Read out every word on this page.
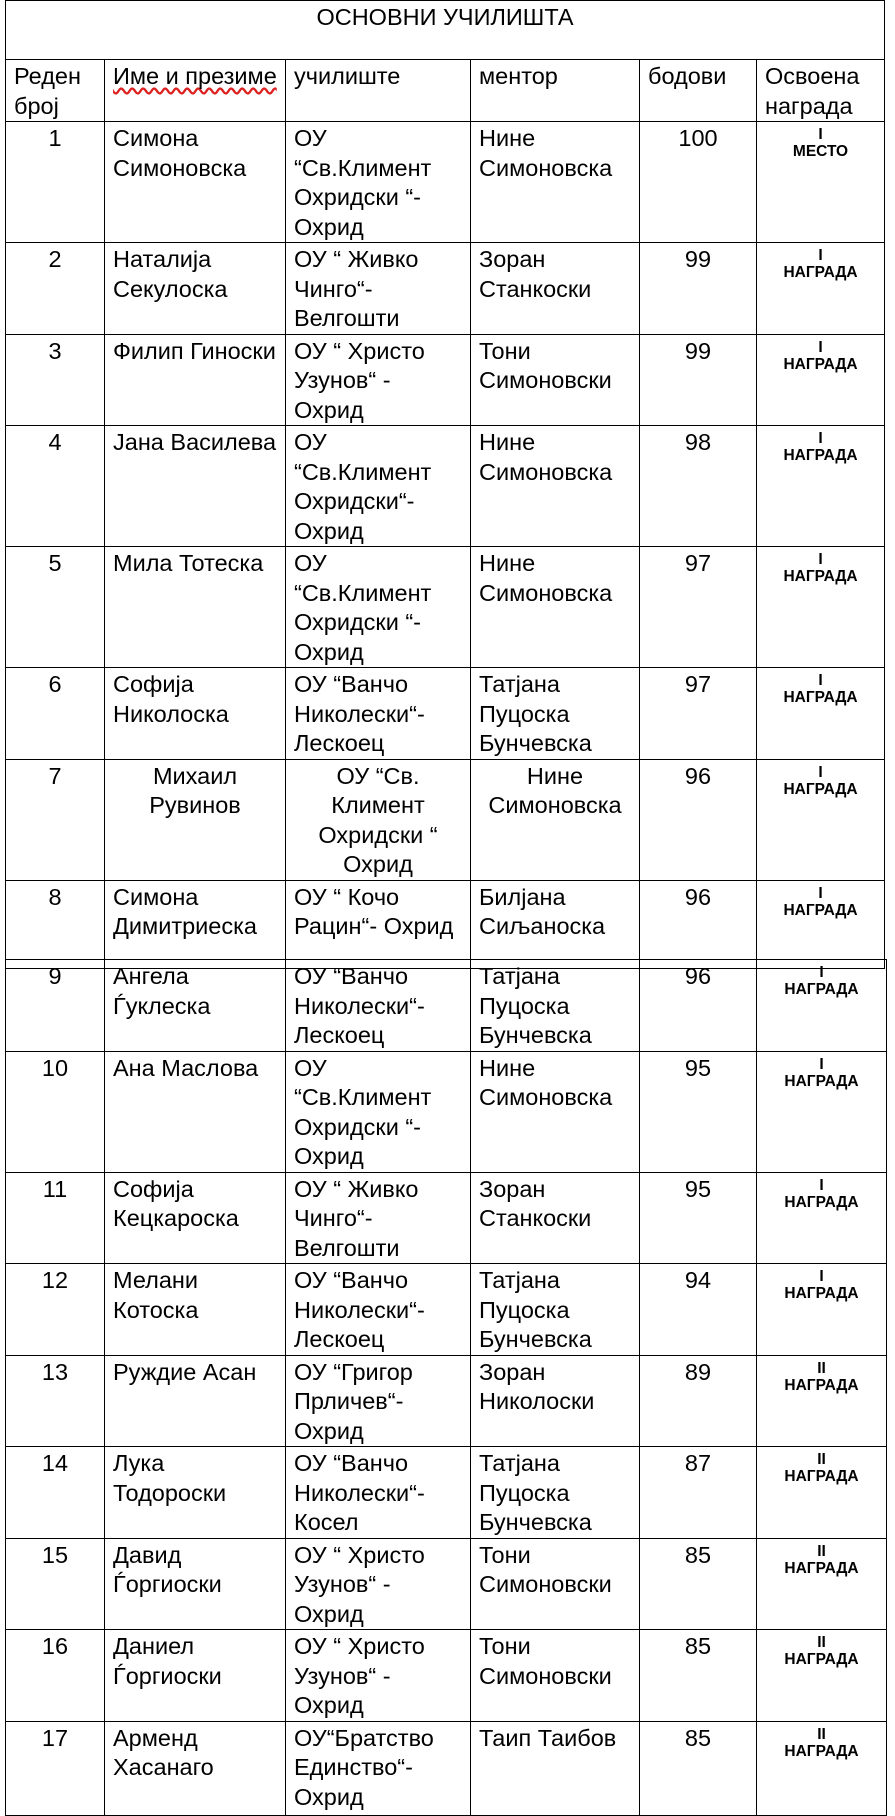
ОСНОВНИ УЧИЛИШТА					
Реден број	Име и презиме	училиште	ментор	бодови	Освоена награда
1	Симона Симоновска	ОУ “Св.Климент Охридски “- Охрид	Нине Симоновска	100	I
МЕСТО
2	Наталија Секулоска	ОУ “ Живко Чинго“- Велгошти	Зоран Станкоски	99	I
НАГРАДА
3	Филип Гиноски	ОУ “ Христо Узунов“ - Охрид	Тони Симоновски	99	I
НАГРАДА
4	Јана Василева	ОУ “Св.Климент Охридски“- Охрид	Нине Симоновска	98	I
НАГРАДА
5	Мила Тотеска	ОУ “Св.Климент Охридски “- Охрид	Нине Симоновска	97	I
НАГРАДА
6	Софија Николоска	ОУ “Ванчо Николески“- Лескоец	Татјана Пуцоска Бунчевска	97	I
НАГРАДА
7	Михаил Рувинов	ОУ “Св. Климент Охридски “ Охрид	Нине Симоновска	96	I
НАГРАДА
8	Симона Димитриеска	ОУ “ Кочо Рацин“- Охрид	Билјана Сиљаноска	96	I
НАГРАДА
9	Ангела Ѓуклеска	ОУ “Ванчо Николески“- Лескоец	Татјана Пуцоска Бунчевска	96	I
НАГРАДА
10	Ана Маслова	ОУ “Св.Климент Охридски “- Охрид	Нине Симоновска	95	I
НАГРАДА
11	Софија Кецкароска	ОУ “ Живко Чинго“- Велгошти	Зоран Станкоски	95	I
НАГРАДА
12	Мелани Котоска	ОУ “Ванчо Николески“- Лескоец	Татјана Пуцоска Бунчевска	94	I
НАГРАДА
13	Руждие Асан	ОУ “Григор Прличев“- Охрид	Зоран Николоски	89	II
НАГРАДА
14	Лука Тодороски	ОУ “Ванчо Николески“- Косел	Татјана Пуцоска Бунчевска	87	II
НАГРАДА
15	Давид Ѓоргиоски	ОУ “ Христо Узунов“ - Охрид	Тони Симоновски	85	II
НАГРАДА
16	Даниел Ѓоргиоски	ОУ “ Христо Узунов“ - Охрид	Тони Симоновски	85	II
НАГРАДА
17	Арменд Хасанаго	ОУ“Братство Единство“- Охрид	Таип Таибов	85	II
НАГРАДА
